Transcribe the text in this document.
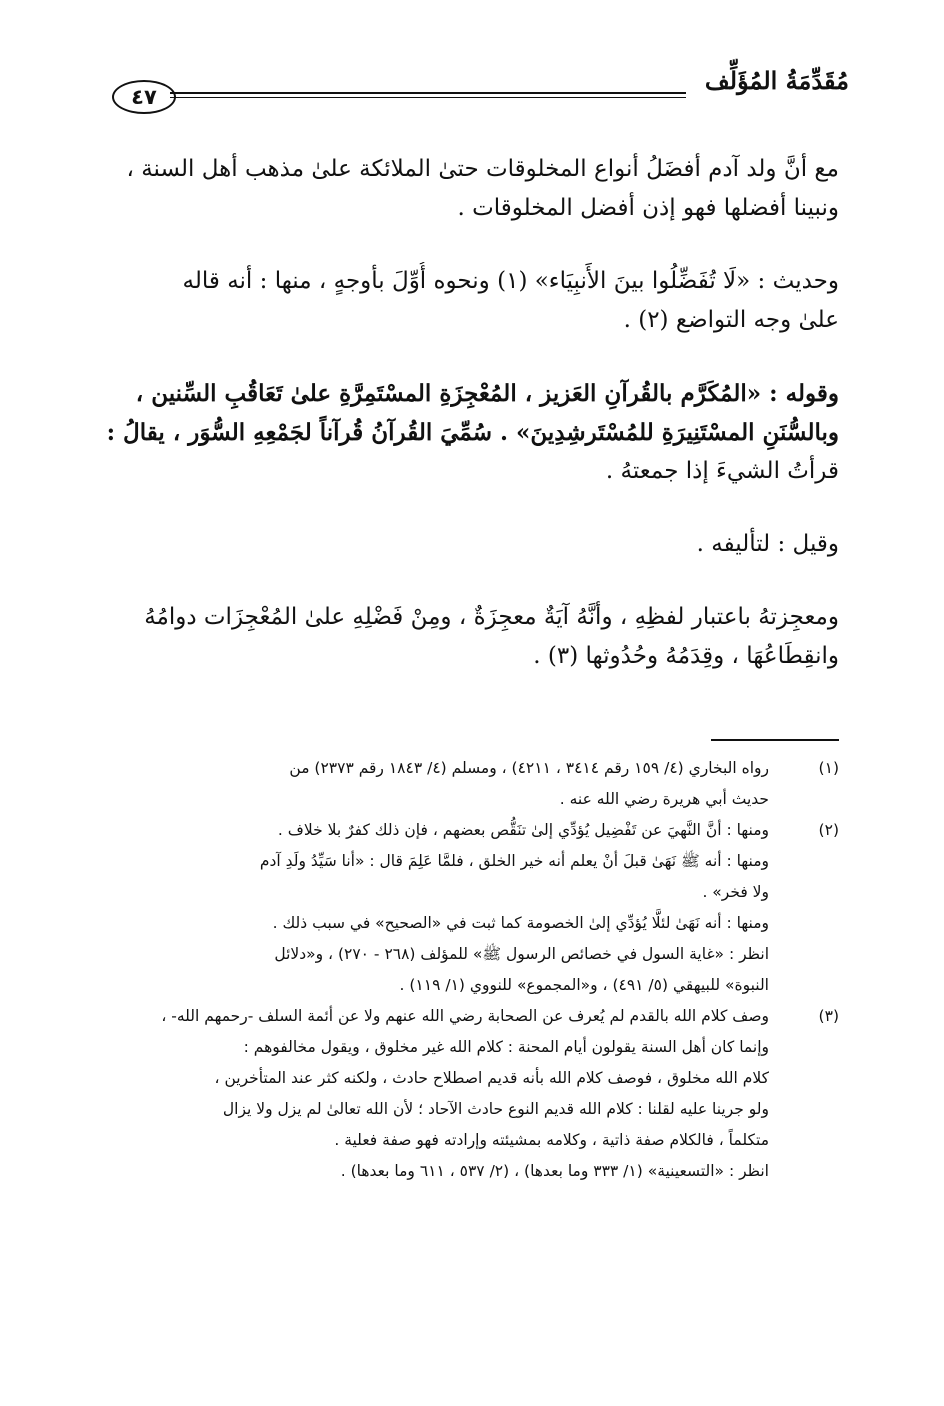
مُقَدِّمَةُ المُؤَلِّف
٤٧
مع أنَّ ولد آدم أفضَلُ أنواع المخلوقات حتىٰ الملائكة علىٰ مذهب أهل السنة ،
ونبينا أفضلها فهو إذن أفضل المخلوقات .
وحديث : «لَا تُفَضِّلُوا بينَ الأَنبِيَاء» (١) ونحوه أُوِّلَ بأوجهٍ ، منها : أنه قاله
علىٰ وجه التواضع (٢) .
وقوله : «المُكَرَّم بالقُرآنِ العَزيز ، المُعْجِزَةِ المسْتَمِرَّةِ علىٰ تَعَاقُبِ السِّنين ،
وبالسُّنَنِ المسْتَنِيرَةِ للمُسْتَرشِدِينَ» . سُمِّيَ القُرآنُ قُرآناً لجَمْعِهِ السُّوَر ، يقالُ :
قرأتُ الشيءَ إذا جمعتهُ .
وقيل : لتأليفه .
ومعجِزتهُ باعتبار لفظِهِ ، وأنَّهُ آيَةٌ معجِزَةٌ ، ومِنْ فَضْلِهِ علىٰ المُعْجِزَات دوامُهُ
وانقِطَاعُهَا ، وقِدَمُهُ وحُدُوثها (٣) .
(١)
رواه البخاري (٤/ ١٥٩ رقم ٣٤١٤ ، ٤٢١١) ، ومسلم (٤/ ١٨٤٣ رقم ٢٣٧٣) من
حديث أبي هريرة رضي الله عنه .
(٢)
ومنها : أنَّ النَّهيَ عن تَفْضِيل يُؤدِّي إلىٰ تنَقُّص بعضهم ، فإن ذلك كفرٌ بلا خلاف .
ومنها : أنه ﷺ نَهَىٰ قبلَ أنْ يعلم أنه خير الخلق ، فلمَّا عَلِمَ قال : «أنا سَيِّدُ ولَدِ آدم
ولا فخر» .
ومنها : أنه نَهَىٰ لئلَّا يُؤدِّي إلىٰ الخصومة كما ثبت في «الصحيح» في سبب ذلك .
انظر : «غاية السول في خصائص الرسول ﷺ» للمؤلف (٢٦٨ - ٢٧٠) ، و«دلائل
النبوة» للبيهقي (٥/ ٤٩١) ، و«المجموع» للنووي (١/ ١١٩) .
(٣)
وصف كلام الله بالقدم لم يُعرف عن الصحابة رضي الله عنهم ولا عن أئمة السلف -رحمهم الله- ،
وإنما كان أهل السنة يقولون أيام المحنة : كلام الله غير مخلوق ، ويقول مخالفوهم :
كلام الله مخلوق ، فوصف كلام الله بأنه قديم اصطلاح حادث ، ولكنه كثر عند المتأخرين ،
ولو جرينا عليه لقلنا : كلام الله قديم النوع حادث الآحاد ؛ لأن الله تعالىٰ لم يزل ولا يزال
متكلماً ، فالكلام صفة ذاتية ، وكلامه بمشيئته وإرادته فهو صفة فعلية .
انظر : «التسعينية» (١/ ٣٣٣ وما بعدها) ، (٢/ ٥٣٧ ، ٦١١ وما بعدها) .
